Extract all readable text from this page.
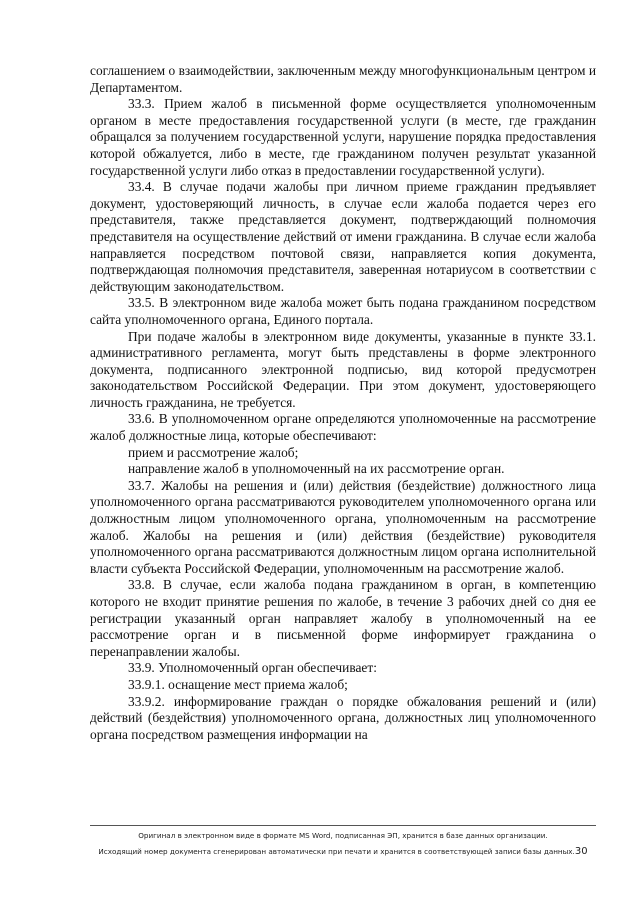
соглашением о взаимодействии, заключенным между многофункциональным центром и Департаментом.

33.3. Прием жалоб в письменной форме осуществляется уполномоченным органом в месте предоставления государственной услуги (в месте, где гражданин обращался за получением государственной услуги, нарушение порядка предоставления которой обжалуется, либо в месте, где гражданином получен результат указанной государственной услуги либо отказ в предоставлении государственной услуги).

33.4. В случае подачи жалобы при личном приеме гражданин предъявляет документ, удостоверяющий личность, в случае если жалоба подается через его представителя, также представляется документ, подтверждающий полномочия представителя на осуществление действий от имени гражданина. В случае если жалоба направляется посредством почтовой связи, направляется копия документа, подтверждающая полномочия представителя, заверенная нотариусом в соответствии с действующим законодательством.

33.5. В электронном виде жалоба может быть подана гражданином посредством сайта уполномоченного органа, Единого портала.

При подаче жалобы в электронном виде документы, указанные в пункте 33.1. административного регламента, могут быть представлены в форме электронного документа, подписанного электронной подписью, вид которой предусмотрен законодательством Российской Федерации. При этом документ, удостоверяющего личность гражданина, не требуется.

33.6. В уполномоченном органе определяются уполномоченные на рассмотрение жалоб должностные лица, которые обеспечивают:

прием и рассмотрение жалоб;

направление жалоб в уполномоченный на их рассмотрение орган.

33.7. Жалобы на решения и (или) действия (бездействие) должностного лица уполномоченного органа рассматриваются руководителем уполномоченного органа или должностным лицом уполномоченного органа, уполномоченным на рассмотрение жалоб. Жалобы на решения и (или) действия (бездействие) руководителя уполномоченного органа рассматриваются должностным лицом органа исполнительной власти субъекта Российской Федерации, уполномоченным на рассмотрение жалоб.

33.8. В случае, если жалоба подана гражданином в орган, в компетенцию которого не входит принятие решения по жалобе, в течение 3 рабочих дней со дня ее регистрации указанный орган направляет жалобу в уполномоченный на ее рассмотрение орган и в письменной форме информирует гражданина о перенаправлении жалобы.

33.9. Уполномоченный орган обеспечивает:

33.9.1. оснащение мест приема жалоб;

33.9.2. информирование граждан о порядке обжалования решений и (или) действий (бездействия) уполномоченного органа, должностных лиц уполномоченного органа посредством размещения информации на

Оригинал в электронном виде в формате MS Word, подписанная ЭП, хранится в базе данных организации.
Исходящий номер документа сгенерирован автоматически при печати и хранится в соответствующей записи базы данных.30
